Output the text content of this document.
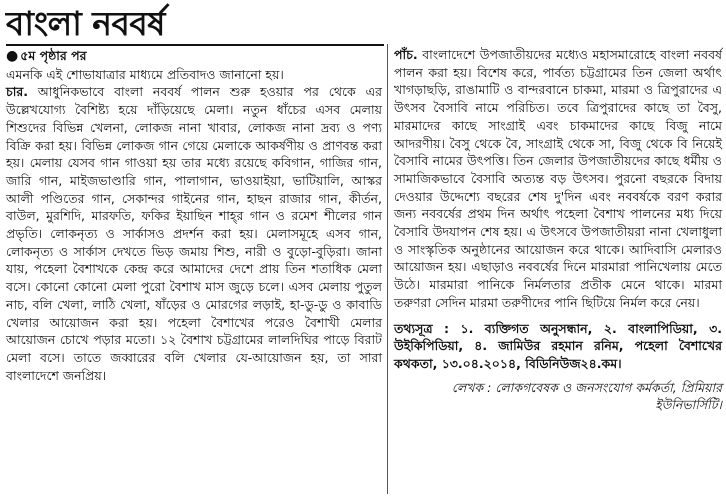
বাংলা নববর্ষ
● ৫ম পৃষ্ঠার পর

এমনকি এই শোভাযাত্রার মাধ্যমে প্রতিবাদও জানানো হয়।

চার. আধুনিকভাবে বাংলা নববর্ষ পালন শুরু হওয়ার পর থেকে এর উল্লেখযোগ্য বৈশিষ্ট্য হয়ে দাঁড়িয়েছে মেলা। নতুন ধাঁচের এসব মেলায় শিশুদের বিভিন্ন খেলনা, লোকজ নানা খাবার, লোকজ নানা দ্রব্য ও পণ্য বিক্রি করা হয়। বিভিন্ন লোকজ গান গেয়ে মেলাকে আকর্ষণীয় ও প্রাণবন্ত করা হয়। মেলায় যেসব গান গাওয়া হয় তার মধ্যে রয়েছে কবিগান, গাজির গান, জারি গান, মাইজভাণ্ডারি গান, পালাগান, ভাওয়াইয়া, ভাটিয়ালি, আস্কর আলী পণ্ডিতের গান, সেকান্দর গাইনের গান, হাছন রাজার গান, কীর্তন, বাউল, মুরশিদি, মারফতি, ফকির ইয়াছিন শাহ্‌র গান ও রমেশ শীলের গান প্রভৃতি। লোকনৃত্য ও সার্কাসও প্রদর্শন করা হয়। মেলাসমূহে এসব গান, লোকনৃত্য ও সার্কাস দেখতে ভিড় জমায় শিশু, নারী ও বুড়ো-বুড়িরা। জানা যায়, পহেলা বৈশাখকে কেন্দ্র করে আমাদের দেশে প্রায় তিন শতাধিক মেলা বসে। কোনো কোনো মেলা পুরো বৈশাখ মাস জুড়ে চলে। এসব মেলায় পুতুল নাচ, বলি খেলা, লাঠি খেলা, ষাঁড়ের ও মোরগের লড়াই, হা-ডু-ডু ও কাবাডি খেলার আয়োজন করা হয়। পহেলা বৈশাখের পরেও বৈশাখী মেলার আয়োজন চোখে পড়ার মতো। ১২ বৈশাখ চট্টগ্রামের লালদিঘির পাড়ে বিরাট মেলা বসে। তাতে জব্বারের বলি খেলার যে-আয়োজন হয়, তা সারা বাংলাদেশে জনপ্রিয়।

পাঁচ. বাংলাদেশে উপজাতীয়দের মধ্যেও মহাসমারোহে বাংলা নববর্ষ পালন করা হয়। বিশেষ করে, পার্বত্য চট্টগ্রামের তিন জেলা অর্থাৎ খাগড়াছড়ি, রাঙামাটি ও বান্দরবানে চাকমা, মারমা ও ত্রিপুরাদের এ উৎসব বৈসাবি নামে পরিচিত। তবে ত্রিপুরাদের কাছে তা বৈসু, মারমাদের কাছে সাংগ্রাই এবং চাকমাদের কাছে বিজু নামে আদরণীয়। বৈসু থেকে বৈ, সাংগ্রাই থেকে সা, বিজু থেকে বি নিয়েই বৈসাবি নামের উৎপত্তি। তিন জেলার উপজাতীয়দের কাছে ধর্মীয় ও সামাজিকভাবে বৈসাবি অত্যন্ত বড় উৎসব। পুরনো বছরকে বিদায় দেওয়ার উদ্দেশ্যে বছরের শেষ দু'দিন এবং নববর্ষকে বরণ করার জন্য নববর্ষের প্রথম দিন অর্থাৎ পহেলা বৈশাখ পালনের মধ্য দিয়ে বৈসাবি উদযাপন শেষ হয়। এ উৎসবে উপজাতীয়রা নানা খেলাধুলা ও সাংস্কৃতিক অনুষ্ঠানের আয়োজন করে থাকে। আদিবাসি মেলারও আয়োজন হয়। এছাড়াও নববর্ষের দিনে মারমারা পানিখেলায় মেতে উঠে। মারমারা পানিকে নির্মলতার প্রতীক মেনে থাকে। মারমা তরুণরা সেদিন মারমা তরুণীদের পানি ছিটিয়ে নির্মল করে নেয়।

তথ্যসূত্র : ১. ব্যক্তিগত অনুসন্ধান, ২. বাংলাপিডিয়া, ৩. উইকিপিডিয়া, ৪. জামিউর রহমান রনিম, পহেলা বৈশাখের কথকতা, ১৩.০৪.২০১৪, বিডিনিউজ২৪.কম।

লেখক : লোকগবেষক ও জনসংযোগ কর্মকর্তা, প্রিমিয়ার ইউনিভার্সিটি।
